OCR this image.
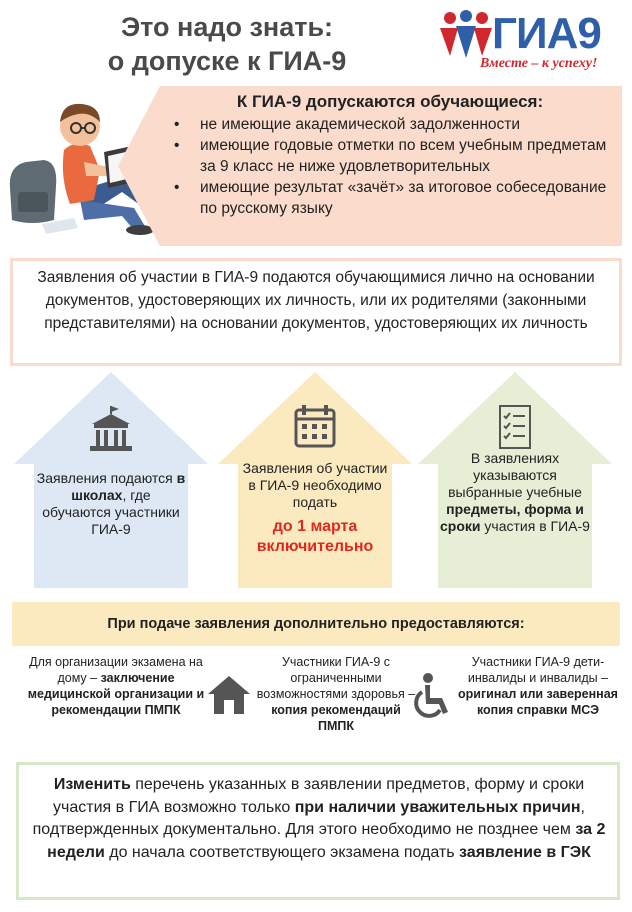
Это надо знать:
о допуске к ГИА-9
ГИА9
Вместе – к успеху!
К ГИА-9 допускаются обучающиеся:
• не имеющие академической задолженности
• имеющие годовые отметки по всем учебным предметам за 9 класс не ниже удовлетворительных
• имеющие результат «зачёт» за итоговое собеседование по русскому языку
Заявления об участии в ГИА-9 подаются обучающимися лично на основании документов, удостоверяющих их личность, или их родителями (законными представителями) на основании документов, удостоверяющих их личность
Заявления подаются в школах, где обучаются участники ГИА-9
Заявления об участии в ГИА-9 необходимо подать
до 1 марта включительно
В заявлениях указываются выбранные учебные предметы, форма и сроки участия в ГИА-9
При подаче заявления дополнительно предоставляются:
Для организации экзамена на дому – заключение медицинской организации и рекомендации ПМПК
Участники ГИА-9 с ограниченными возможностями здоровья – копия рекомендаций ПМПК
Участники ГИА-9 дети-инвалиды и инвалиды – оригинал или заверенная копия справки МСЭ
Изменить перечень указанных в заявлении предметов, форму и сроки участия в ГИА возможно только при наличии уважительных причин, подтвержденных документально. Для этого необходимо не позднее чем за 2 недели до начала соответствующего экзамена подать заявление в ГЭК
